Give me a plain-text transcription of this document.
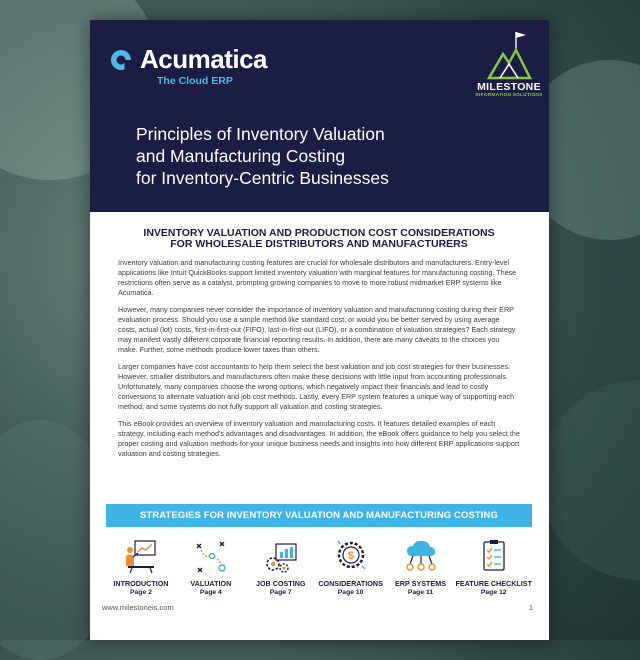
Acumatica
The Cloud ERP	MILESTONE
INFORMATION SOLUTIONS
Principles of Inventory Valuation
and Manufacturing Costing
for Inventory-Centric Businesses
INVENTORY VALUATION AND PRODUCTION COST CONSIDERATIONS
FOR WHOLESALE DISTRIBUTORS AND MANUFACTURERS

Inventory valuation and manufacturing costing features are crucial for wholesale distributors and manufacturers. Entry-level applications like Intuit QuickBooks support limited inventory valuation with marginal features for manufacturing costing. These restrictions often serve as a catalyst, prompting growing companies to move to more robust midmarket ERP systems like Acumatica.

However, many companies never consider the importance of inventory valuation and manufacturing costing during their ERP evaluation process. Should you use a simple method like standard cost, or would you be better served by using average costs, actual (lot) costs, first-in-first-out (FIFO), last-in-first-out (LIFO), or a combination of valuation strategies? Each strategy may manifest vastly different corporate financial reporting results. In addition, there are many caveats to the choices you make. Further, some methods produce lower taxes than others.

Larger companies have cost accountants to help them select the best valuation and job cost strategies for their businesses. However, smaller distributors and manufacturers often make these decisions with little input from accounting professionals. Unfortunately, many companies choose the wrong options, which negatively impact their financials and lead to costly conversions to alternate valuation and job cost methods. Lastly, every ERP system features a unique way of supporting each method, and some systems do not fully support all valuation and costing strategies.

This eBook provides an overview of inventory valuation and manufacturing costs. It features detailed examples of each strategy, including each method's advantages and disadvantages. In addition, the eBook offers guidance to help you select the proper costing and valuation methods for your unique business needs and insights into how different ERP applications support valuation and costing strategies.

STRATEGIES FOR INVENTORY VALUATION AND MANUFACTURING COSTING
INTRODUCTION
Page 2
VALUATION
Page 4
JOB COSTING
Page 7
$
CONSIDERATIONS
Page 10
ERP SYSTEMS
Page 11
FEATURE CHECKLIST
Page 12
www.milestoneis.com	1
